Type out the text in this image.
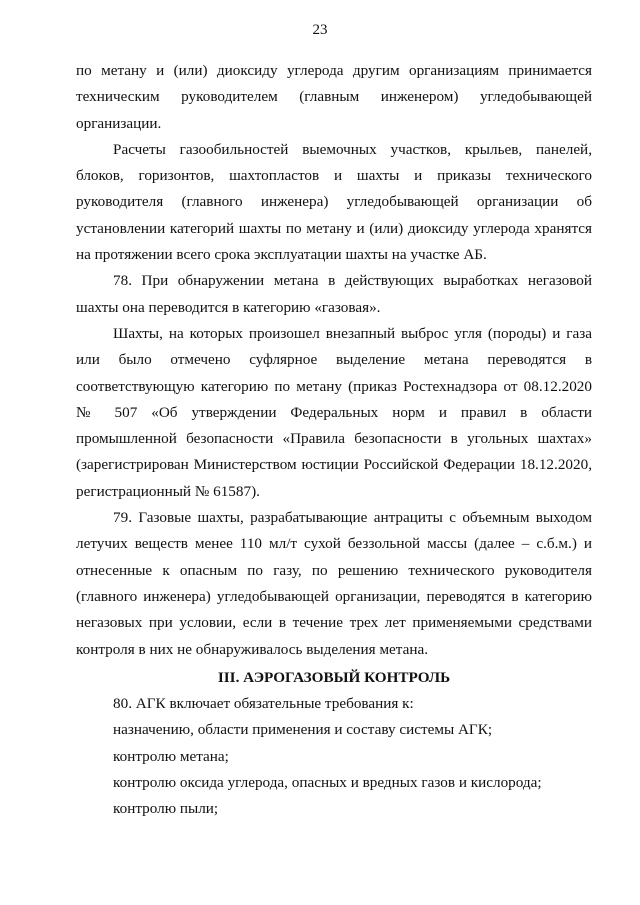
23

по метану и (или) диоксиду углерода другим организациям принимается техническим руководителем (главным инженером) угледобывающей организации.

Расчеты газообильностей выемочных участков, крыльев, панелей, блоков, горизонтов, шахтопластов и шахты и приказы технического руководителя (главного инженера) угледобывающей организации об установлении категорий шахты по метану и (или) диоксиду углерода хранятся на протяжении всего срока эксплуатации шахты на участке АБ.

78. При обнаружении метана в действующих выработках негазовой шахты она переводится в категорию «газовая».

Шахты, на которых произошел внезапный выброс угля (породы) и газа или было отмечено суфлярное выделение метана переводятся в соответствующую категорию по метану (приказ Ростехнадзора от 08.12.2020 № 507 «Об утверждении Федеральных норм и правил в области промышленной безопасности «Правила безопасности в угольных шахтах» (зарегистрирован Министерством юстиции Российской Федерации 18.12.2020, регистрационный № 61587).

79. Газовые шахты, разрабатывающие антрациты с объемным выходом летучих веществ менее 110 мл/т сухой беззольной массы (далее – с.б.м.) и отнесенные к опасным по газу, по решению технического руководителя (главного инженера) угледобывающей организации, переводятся в категорию негазовых при условии, если в течение трех лет применяемыми средствами контроля в них не обнаруживалось выделения метана.

III. АЭРОГАЗОВЫЙ КОНТРОЛЬ

80. АГК включает обязательные требования к:

назначению, области применения и составу системы АГК;

контролю метана;

контролю оксида углерода, опасных и вредных газов и кислорода;

контролю пыли;
